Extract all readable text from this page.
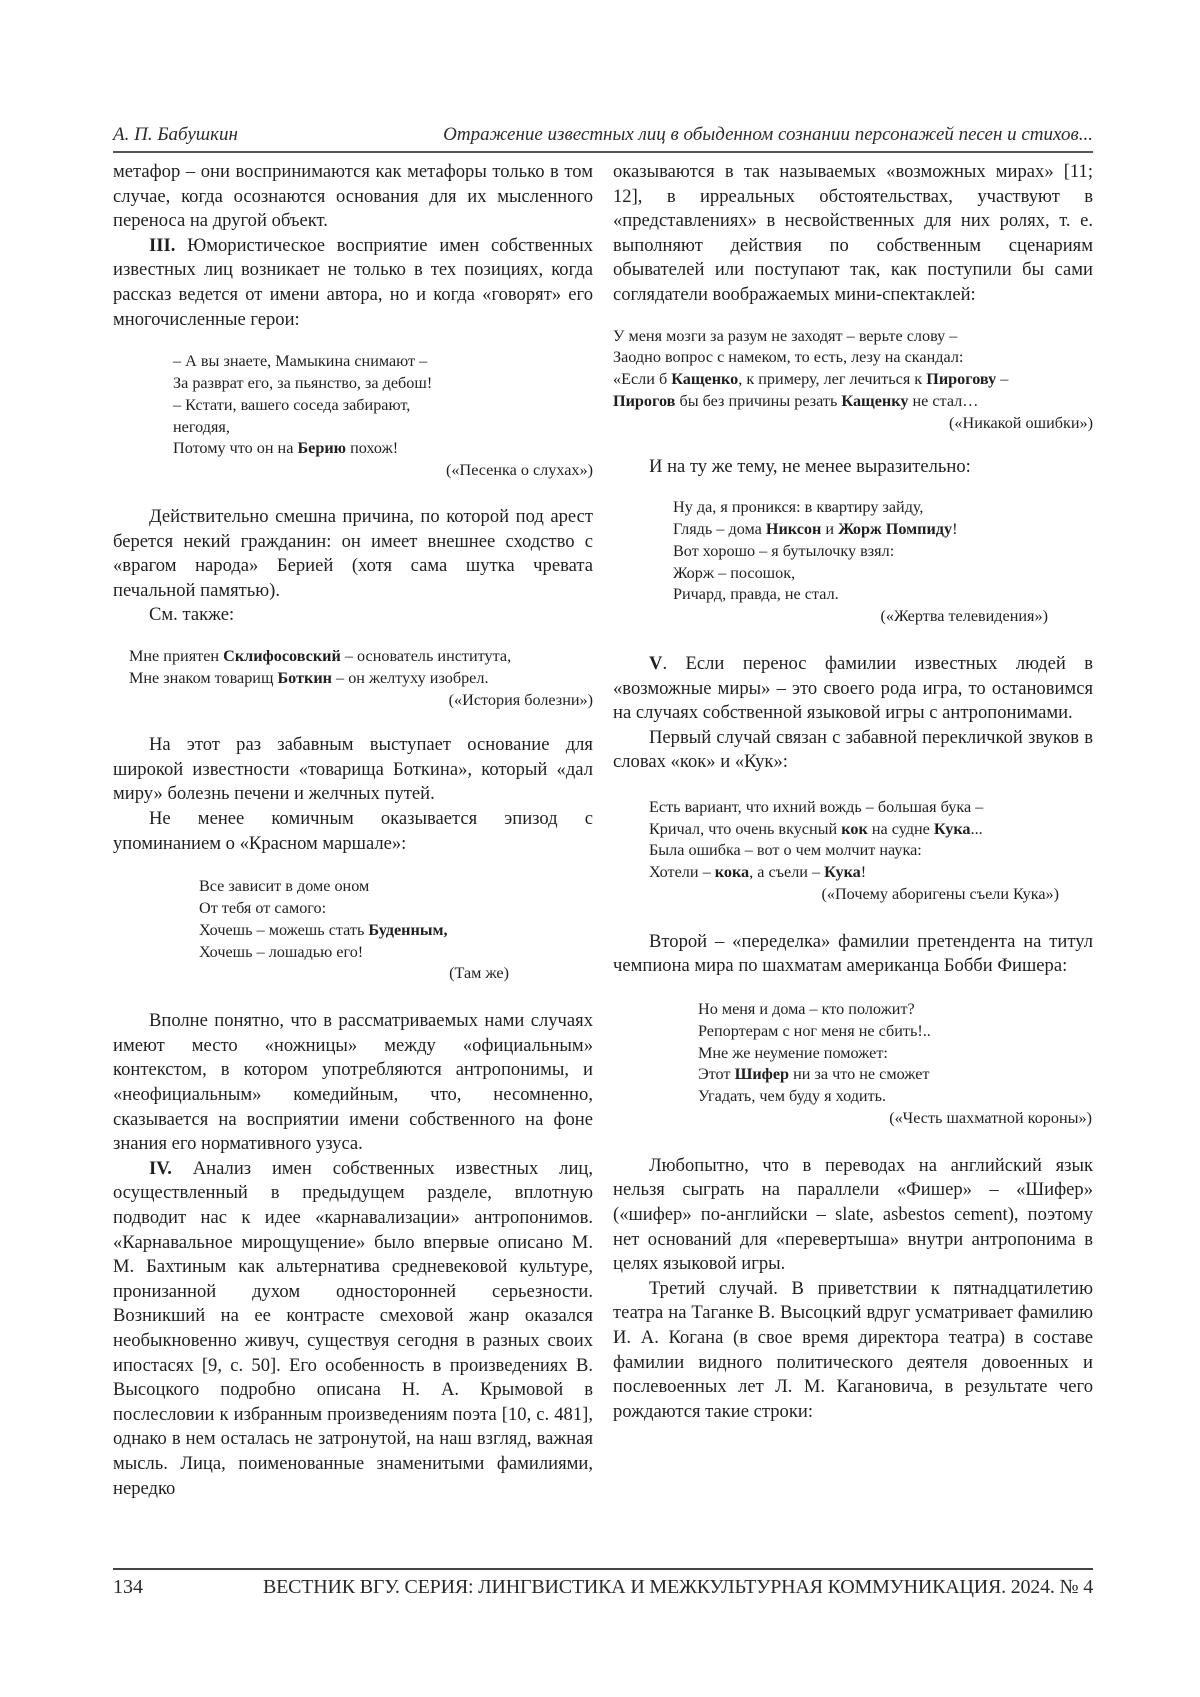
А. П. Бабушкин	Отражение известных лиц в обыденном сознании персонажей песен и стихов...

метафор – они воспринимаются как метафоры только в том случае, когда осознаются основания для их мысленного переноса на другой объект.

III. Юмористическое восприятие имен собственных известных лиц возникает не только в тех позициях, когда рассказ ведется от имени автора, но и когда «говорят» его многочисленные герои:

– А вы знаете, Мамыкина снимают –
За разврат его, за пьянство, за дебош!
– Кстати, вашего соседа забирают,
негодяя,
Потому что он на Берию похож!
(«Песенка о слухах»)

Действительно смешна причина, по которой под арест берется некий гражданин: он имеет внешнее сходство с «врагом народа» Берией (хотя сама шутка чревата печальной памятью).

См. также:

Мне приятен Склифосовский – основатель института,
Мне знаком товарищ Боткин – он желтуху изобрел.
(«История болезни»)

На этот раз забавным выступает основание для широкой известности «товарища Боткина», который «дал миру» болезнь печени и желчных путей.

Не менее комичным оказывается эпизод с упоминанием о «Красном маршале»:

Все зависит в доме оном
От тебя от самого:
Хочешь – можешь стать Буденным,
Хочешь – лошадью его!
(Там же)

Вполне понятно, что в рассматриваемых нами случаях имеют место «ножницы» между «официальным» контекстом, в котором употребляются антропонимы, и «неофициальным» комедийным, что, несомненно, сказывается на восприятии имени собственного на фоне знания его нормативного узуса.

IV. Анализ имен собственных известных лиц, осуществленный в предыдущем разделе, вплотную подводит нас к идее «карнавализации» антропонимов. «Карнавальное мирощущение» было впервые описано М. М. Бахтиным как альтернатива средневековой культуре, пронизанной духом односторонней серьезности. Возникший на ее контрасте смеховой жанр оказался необыкновенно живуч, существуя сегодня в разных своих ипостасях [9, с. 50]. Его особенность в произведениях В. Высоцкого подробно описана Н. А. Крымовой в послесловии к избранным произведениям поэта [10, с. 481], однако в нем осталась не затронутой, на наш взгляд, важная мысль. Лица, поименованные знаменитыми фамилиями, нередко

оказываются в так называемых «возможных мирах» [11; 12], в ирреальных обстоятельствах, участвуют в «представлениях» в несвойственных для них ролях, т. е. выполняют действия по собственным сценариям обывателей или поступают так, как поступили бы сами соглядатели воображаемых мини-спектаклей:

У меня мозги за разум не заходят – верьте слову –
Заодно вопрос с намеком, то есть, лезу на скандал:
«Если б Кащенко, к примеру, лег лечиться к Пирогову –
Пирогов бы без причины резать Кащенку не стал…
(«Никакой ошибки»)

И на ту же тему, не менее выразительно:

Ну да, я проникся: в квартиру зайду,
Глядь – дома Никсон и Жорж Помпиду!
Вот хорошо – я бутылочку взял:
Жорж – посошок,
Ричард, правда, не стал.
(«Жертва телевидения»)

V. Если перенос фамилии известных людей в «возможные миры» – это своего рода игра, то остановимся на случаях собственной языковой игры с антропонимами.

Первый случай связан с забавной перекличкой звуков в словах «кок» и «Кук»:

Есть вариант, что ихний вождь – большая бука –
Кричал, что очень вкусный кок на судне Кука...
Была ошибка – вот о чем молчит наука:
Хотели – кока, а съели – Кука!
(«Почему аборигены съели Кука»)

Второй – «переделка» фамилии претендента на титул чемпиона мира по шахматам американца Бобби Фишера:

Но меня и дома – кто положит?
Репортерам с ног меня не сбить!..
Мне же неумение поможет:
Этот Шифер ни за что не сможет
Угадать, чем буду я ходить.
(«Честь шахматной короны»)

Любопытно, что в переводах на английский язык нельзя сыграть на параллели «Фишер» – «Шифер» («шифер» по-английски – slate, asbestos cement), поэтому нет оснований для «перевертыша» внутри антропонима в целях языковой игры.

Третий случай. В приветствии к пятнадцатилетию театра на Таганке В. Высоцкий вдруг усматривает фамилию И. А. Когана (в свое время директора театра) в составе фамилии видного политического деятеля довоенных и послевоенных лет Л. М. Кагановича, в результате чего рождаются такие строки:

134	ВЕСТНИК ВГУ. СЕРИЯ: ЛИНГВИСТИКА И МЕЖКУЛЬТУРНАЯ КОММУНИКАЦИЯ. 2024. № 4
